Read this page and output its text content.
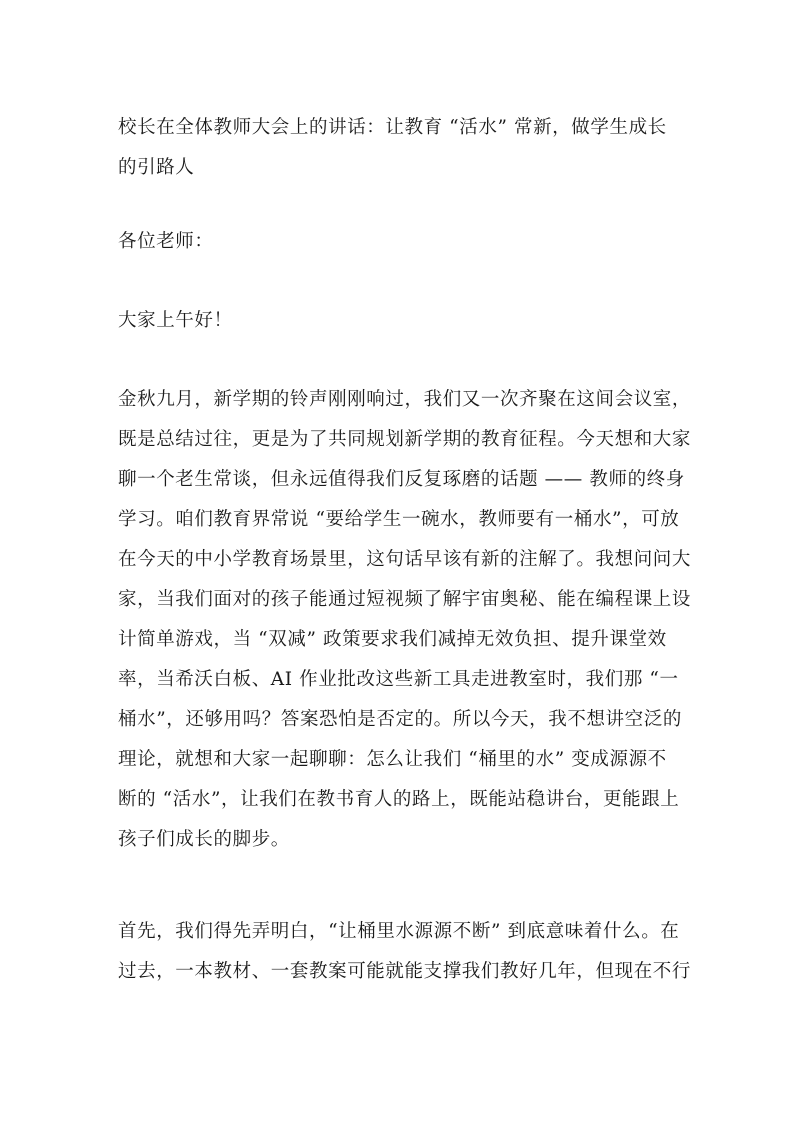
校长在全体教师大会上的讲话：让教育 “活水” 常新，做学生成长
的引路人
各位老师：
大家上午好！
金秋九月，新学期的铃声刚刚响过，我们又一次齐聚在这间会议室，
既是总结过往，更是为了共同规划新学期的教育征程。今天想和大家
聊一个老生常谈，但永远值得我们反复琢磨的话题 —— 教师的终身
学习。咱们教育界常说 “要给学生一碗水，教师要有一桶水”，可放
在今天的中小学教育场景里，这句话早该有新的注解了。我想问问大
家，当我们面对的孩子能通过短视频了解宇宙奥秘、能在编程课上设
计简单游戏，当 “双减” 政策要求我们减掉无效负担、提升课堂效
率，当希沃白板、AI 作业批改这些新工具走进教室时，我们那 “一
桶水”，还够用吗？答案恐怕是否定的。所以今天，我不想讲空泛的
理论，就想和大家一起聊聊：怎么让我们 “桶里的水” 变成源源不
断的 “活水”，让我们在教书育人的路上，既能站稳讲台，更能跟上
孩子们成长的脚步。
首先，我们得先弄明白，“让桶里水源源不断” 到底意味着什么。在
过去，一本教材、一套教案可能就能支撑我们教好几年，但现在不行
